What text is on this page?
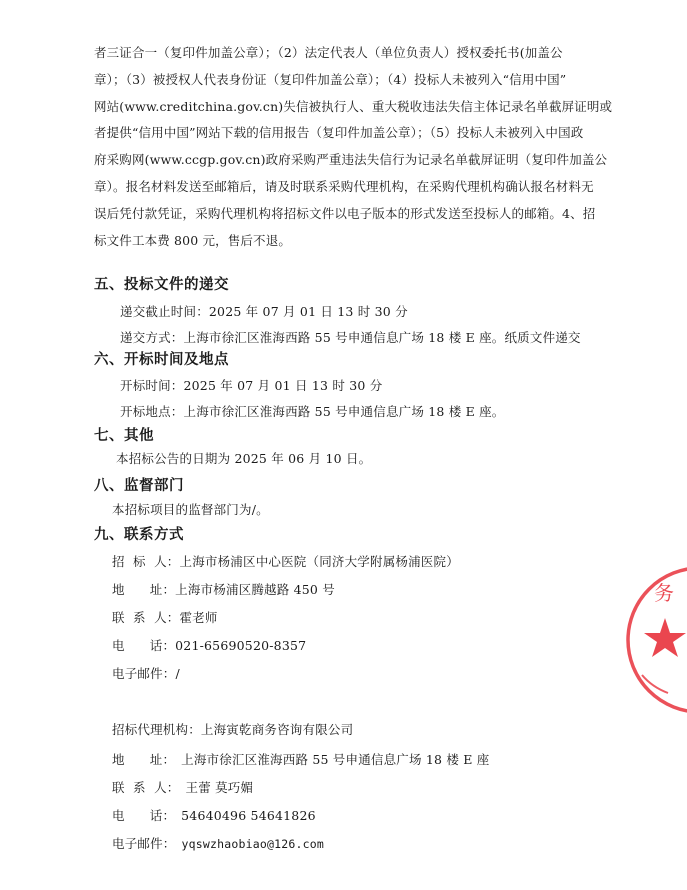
者三证合一（复印件加盖公章）；（2）法定代表人（单位负责人）授权委托书(加盖公
章）；（3）被授权人代表身份证（复印件加盖公章）；（4）投标人未被列入“信用中国”
网站(www.creditchina.gov.cn)失信被执行人、重大税收违法失信主体记录名单截屏证明或
者提供“信用中国”网站下载的信用报告（复印件加盖公章）；（5）投标人未被列入中国政
府采购网(www.ccgp.gov.cn)政府采购严重违法失信行为记录名单截屏证明（复印件加盖公
章）。报名材料发送至邮箱后，请及时联系采购代理机构，在采购代理机构确认报名材料无
误后凭付款凭证，采购代理机构将招标文件以电子版本的形式发送至投标人的邮箱。4、招
标文件工本费 800 元，售后不退。
五、投标文件的递交
递交截止时间：2025 年 07 月 01 日 13 时 30 分
递交方式：上海市徐汇区淮海西路 55 号申通信息广场 18 楼 E 座。纸质文件递交
六、开标时间及地点
开标时间：2025 年 07 月 01 日 13 时 30 分
开标地点：上海市徐汇区淮海西路 55 号申通信息广场 18 楼 E 座。
七、其他
本招标公告的日期为 2025 年 06 月 10 日。
八、监督部门
本招标项目的监督部门为/。
九、联系方式
招  标  人：上海市杨浦区中心医院（同济大学附属杨浦医院）
地      址：上海市杨浦区腾越路 450 号
联  系  人：霍老师
电      话：021-65690520-8357
电子邮件：/
招标代理机构：上海寅乾商务咨询有限公司
地      址： 上海市徐汇区淮海西路 55 号申通信息广场 18 楼 E 座
联  系  人： 王蕾 莫巧媚
电      话： 54640496 54641826
电子邮件： yqswzhaobiao@126.com
务
